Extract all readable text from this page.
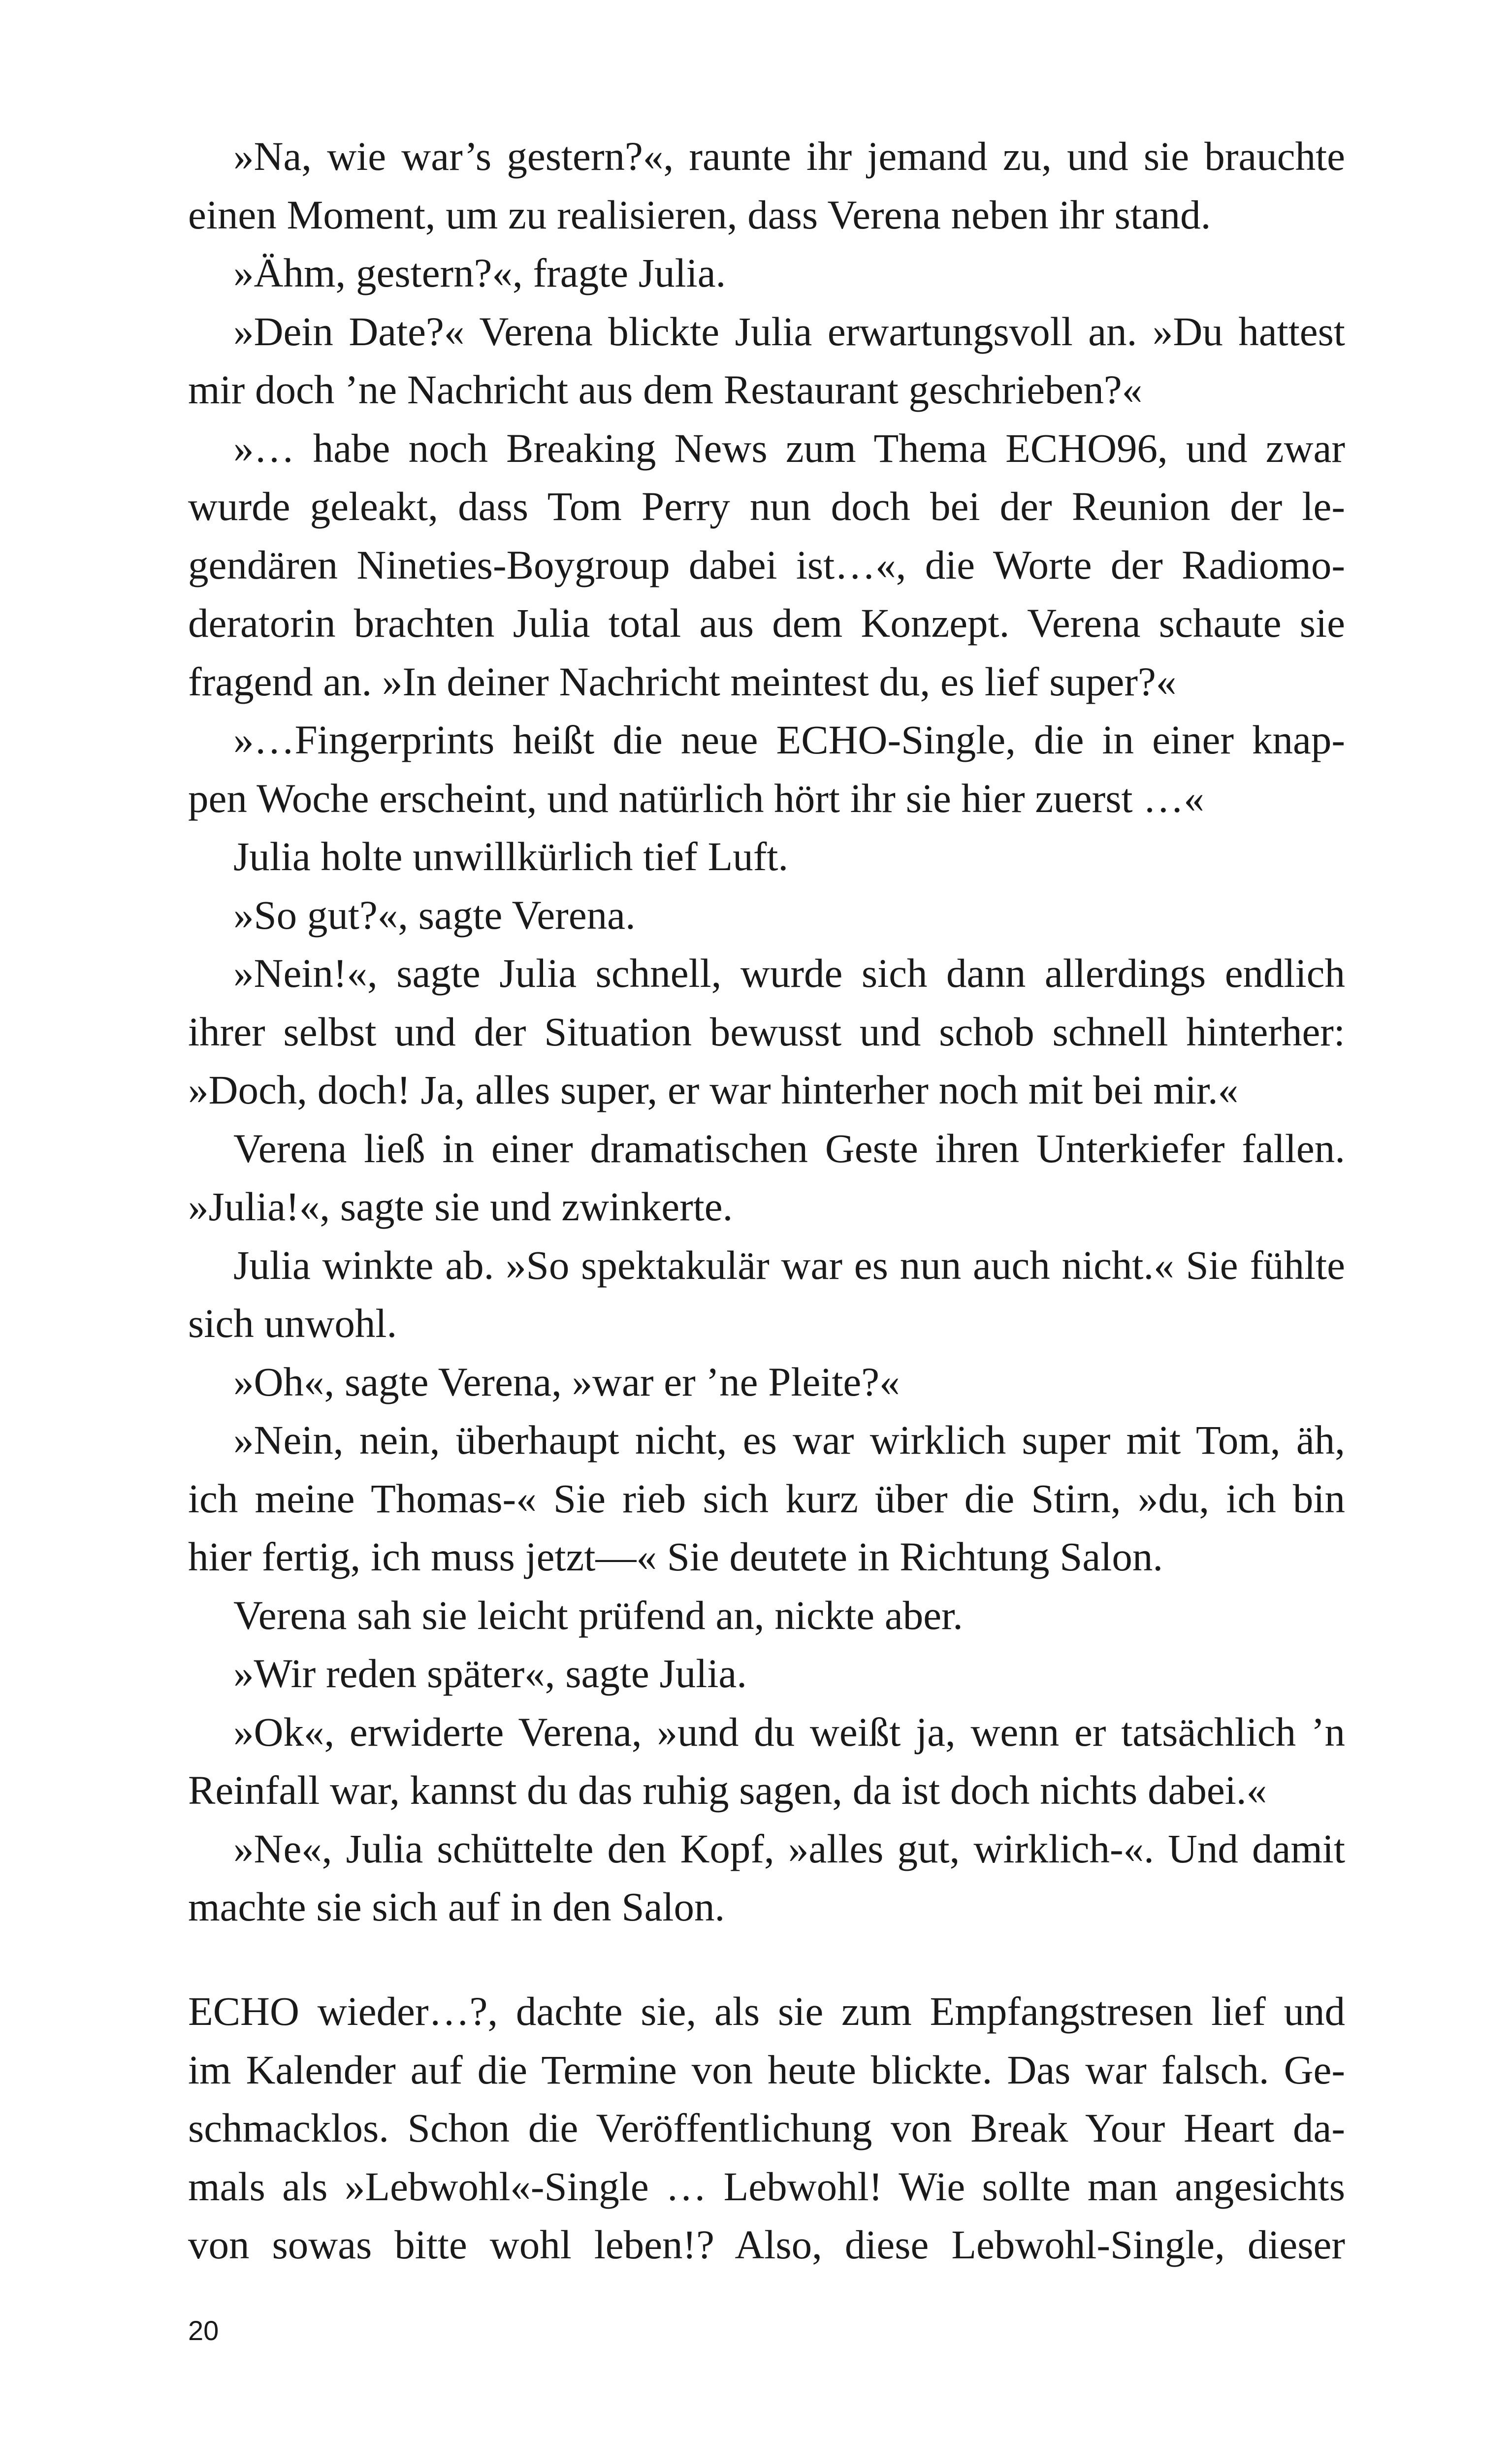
»Na, wie war’s gestern?«, raunte ihr jemand zu, und sie brauchte
einen Moment, um zu realisieren, dass Verena neben ihr stand.
»Ähm, gestern?«, fragte Julia.
»Dein Date?« Verena blickte Julia erwartungsvoll an. »Du hattest
mir doch ’ne Nachricht aus dem Restaurant geschrieben?«
»… habe noch Breaking News zum Thema ECHO96, und zwar
wurde geleakt, dass Tom Perry nun doch bei der Reunion der le-
gendären Nineties-Boygroup dabei ist…«, die Worte der Radiomo-
deratorin brachten Julia total aus dem Konzept. Verena schaute sie
fragend an. »In deiner Nachricht meintest du, es lief super?«
»…Fingerprints heißt die neue ECHO-Single, die in einer knap-
pen Woche erscheint, und natürlich hört ihr sie hier zuerst …«
Julia holte unwillkürlich tief Luft.
»So gut?«, sagte Verena.
»Nein!«, sagte Julia schnell, wurde sich dann allerdings endlich
ihrer selbst und der Situation bewusst und schob schnell hinterher:
»Doch, doch! Ja, alles super, er war hinterher noch mit bei mir.«
Verena ließ in einer dramatischen Geste ihren Unterkiefer fallen.
»Julia!«, sagte sie und zwinkerte.
Julia winkte ab. »So spektakulär war es nun auch nicht.« Sie fühlte
sich unwohl.
»Oh«, sagte Verena, »war er ’ne Pleite?«
»Nein, nein, überhaupt nicht, es war wirklich super mit Tom, äh,
ich meine Thomas-« Sie rieb sich kurz über die Stirn, »du, ich bin
hier fertig, ich muss jetzt—« Sie deutete in Richtung Salon.
Verena sah sie leicht prüfend an, nickte aber.
»Wir reden später«, sagte Julia.
»Ok«, erwiderte Verena, »und du weißt ja, wenn er tatsächlich ’n
Reinfall war, kannst du das ruhig sagen, da ist doch nichts dabei.«
»Ne«, Julia schüttelte den Kopf, »alles gut, wirklich-«. Und damit
machte sie sich auf in den Salon.
ECHO wieder…?, dachte sie, als sie zum Empfangstresen lief und
im Kalender auf die Termine von heute blickte. Das war falsch. Ge-
schmacklos. Schon die Veröffentlichung von Break Your Heart da-
mals als »Lebwohl«-Single … Lebwohl! Wie sollte man angesichts
von sowas bitte wohl leben!? Also, diese Lebwohl-Single, dieser
20
